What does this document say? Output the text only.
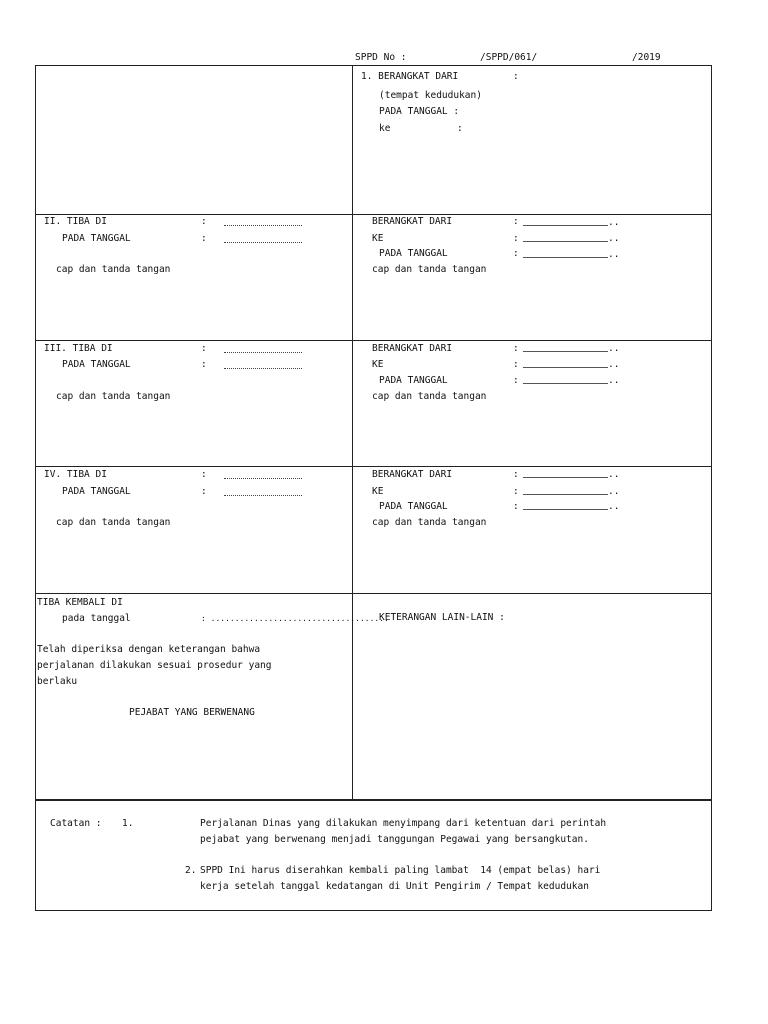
SPPD No :	/SPPD/061/	/2019
1. BERANGKAT DARI	:
(tempat kedudukan)
PADA TANGGAL :
ke	:
II. TIBA DI	:
PADA TANGGAL	:
cap dan tanda tangan
BERANGKAT DARI	:	..
KE	:	..
PADA TANGGAL	:	..
cap dan tanda tangan
III. TIBA DI	:
PADA TANGGAL	:
cap dan tanda tangan
BERANGKAT DARI	:	..
KE	:	..
PADA TANGGAL	:	..
cap dan tanda tangan
IV. TIBA DI	:
PADA TANGGAL	:
cap dan tanda tangan
BERANGKAT DARI	:	..
KE	:	..
PADA TANGGAL	:	..
cap dan tanda tangan
TIBA KEMBALI DI
pada tanggal	: .....................................
Telah diperiksa dengan keterangan bahwa
perjalanan dilakukan sesuai prosedur yang
berlaku
PEJABAT YANG BERWENANG
KETERANGAN LAIN-LAIN :
Catatan : 1.	Perjalanan Dinas yang dilakukan menyimpang dari ketentuan dari perintah
pejabat yang berwenang menjadi tanggungan Pegawai yang bersangkutan.
2. SPPD Ini harus diserahkan kembali paling lambat  14 (empat belas) hari
kerja setelah tanggal kedatangan di Unit Pengirim / Tempat kedudukan
